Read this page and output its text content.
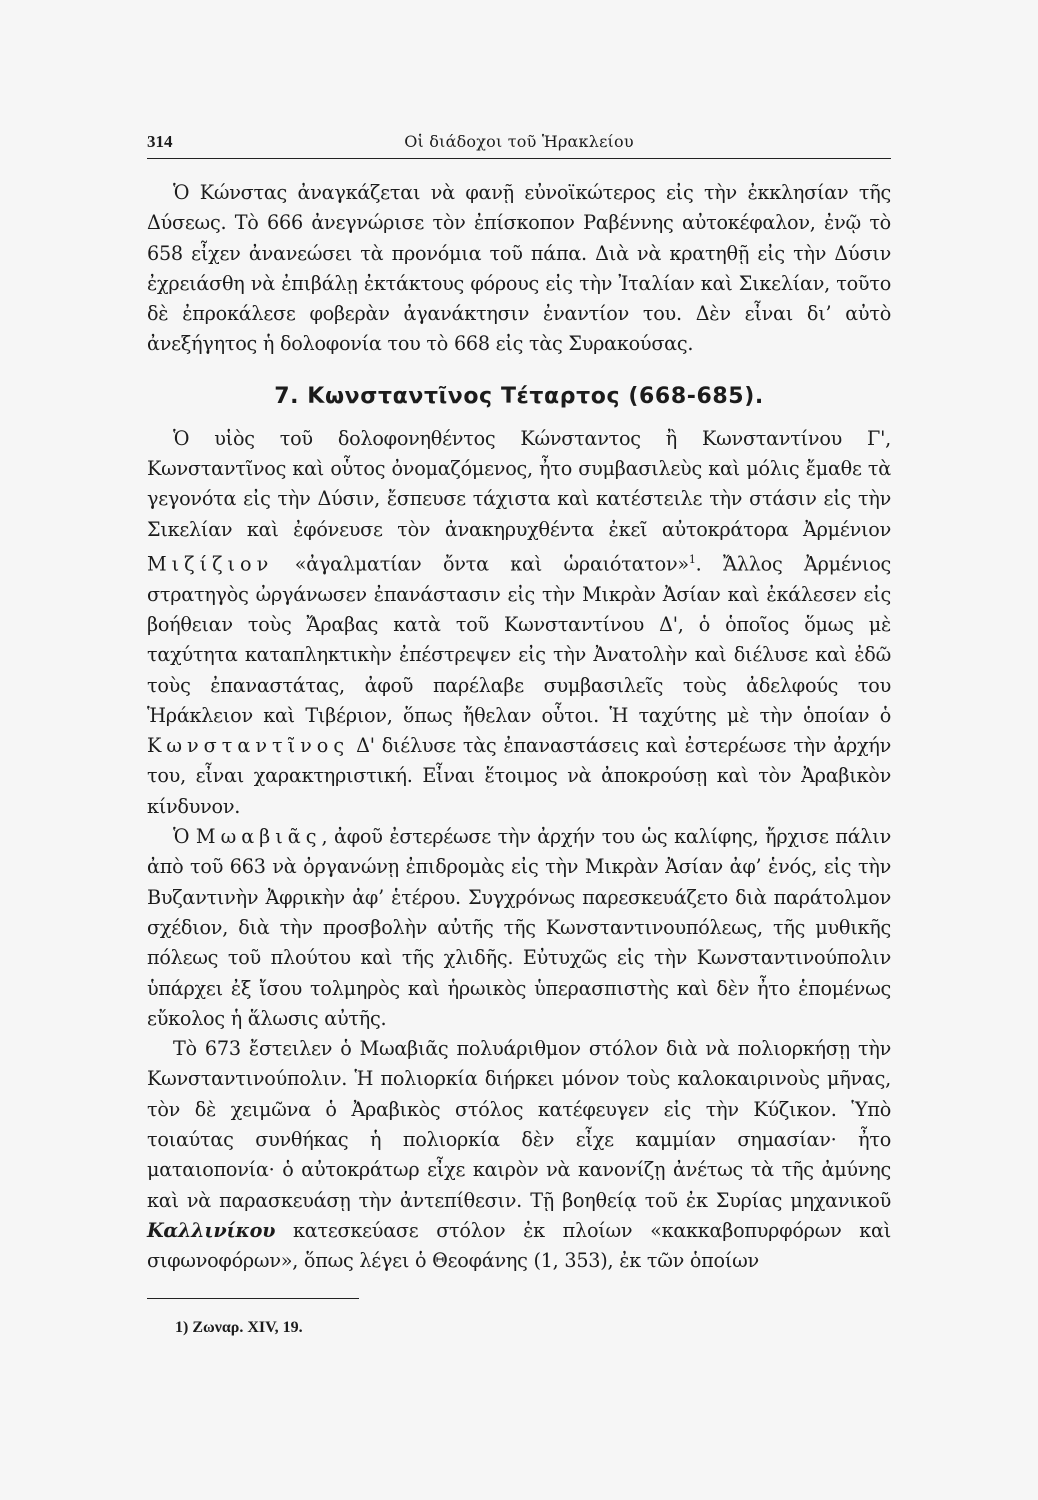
314	Οἱ διάδοχοι τοῦ Ἡρακλείου

Ὁ Κώνστας ἀναγκάζεται νὰ φανῇ εὐνοϊκώτερος εἰς τὴν ἐκκλησίαν τῆς Δύσεως. Τὸ 666 ἀνεγνώρισε τὸν ἐπίσκοπον Ραβέννης αὐτοκέφαλον, ἐνῷ τὸ 658 εἶχεν ἀνανεώσει τὰ προνόμια τοῦ πάπα. Διὰ νὰ κρατηθῇ εἰς τὴν Δύσιν ἐχρειάσθη νὰ ἐπιβάλῃ ἐκτάκτους φόρους εἰς τὴν Ἰταλίαν καὶ Σικελίαν, τοῦτο δὲ ἐπροκάλεσε φοβερὰν ἀγανάκτησιν ἐναντίον του. Δὲν εἶναι δι’ αὐτὸ ἀνεξήγητος ἡ δολοφονία του τὸ 668 εἰς τὰς Συρακούσας.

7. Κωνσταντῖνος Τέταρτος (668-685).

Ὁ υἱὸς τοῦ δολοφονηθέντος Κώνσταντος ἢ Κωνσταντίνου Γ', Κωνσταντῖνος καὶ οὗτος ὀνομαζόμενος, ἦτο συμβασιλεὺς καὶ μόλις ἔμαθε τὰ γεγονότα εἰς τὴν Δύσιν, ἔσπευσε τάχιστα καὶ κατέστειλε τὴν στάσιν εἰς τὴν Σικελίαν καὶ ἐφόνευσε τὸν ἀνακηρυχθέντα ἐκεῖ αὐτοκράτορα Ἀρμένιον Μιζίζιον «ἀγαλματίαν ὄντα καὶ ὡραιότατον»$^1$. Ἄλλος Ἀρμένιος στρατηγὸς ὠργάνωσεν ἐπανάστασιν εἰς τὴν Μικρὰν Ἀσίαν καὶ ἐκάλεσεν εἰς βοήθειαν τοὺς Ἄραβας κατὰ τοῦ Κωνσταντίνου Δ', ὁ ὁποῖος ὅμως μὲ ταχύτητα καταπληκτικὴν ἐπέστρεψεν εἰς τὴν Ἀνατολὴν καὶ διέλυσε καὶ ἐδῶ τοὺς ἐπαναστάτας, ἀφοῦ παρέλαβε συμβασιλεῖς τοὺς ἀδελφούς του Ἡράκλειον καὶ Τιβέριον, ὅπως ἤθελαν οὗτοι. Ἡ ταχύτης μὲ τὴν ὁποίαν ὁ Κωνσταντῖνος Δ' διέλυσε τὰς ἐπαναστάσεις καὶ ἐστερέωσε τὴν ἀρχήν του, εἶναι χαρακτηριστική. Εἶναι ἕτοιμος νὰ ἀποκρούσῃ καὶ τὸν Ἀραβικὸν κίνδυνον.

Ὁ Μωαβιᾶς, ἀφοῦ ἐστερέωσε τὴν ἀρχήν του ὡς καλίφης, ἤρχισε πάλιν ἀπὸ τοῦ 663 νὰ ὀργανώνῃ ἐπιδρομὰς εἰς τὴν Μικρὰν Ἀσίαν ἀφ’ ἑνός, εἰς τὴν Βυζαντινὴν Ἀφρικὴν ἀφ’ ἑτέρου. Συγχρόνως παρεσκευάζετο διὰ παράτολμον σχέδιον, διὰ τὴν προσβολὴν αὐτῆς τῆς Κωνσταντινουπόλεως, τῆς μυθικῆς πόλεως τοῦ πλούτου καὶ τῆς χλιδῆς. Εὐτυχῶς εἰς τὴν Κωνσταντινούπολιν ὑπάρχει ἐξ ἴσου τολμηρὸς καὶ ἡρωικὸς ὑπερασπιστὴς καὶ δὲν ἦτο ἑπομένως εὔκολος ἡ ἅλωσις αὐτῆς.

Τὸ 673 ἔστειλεν ὁ Μωαβιᾶς πολυάριθμον στόλον διὰ νὰ πολιορκήσῃ τὴν Κωνσταντινούπολιν. Ἡ πολιορκία διήρκει μόνον τοὺς καλοκαιρινοὺς μῆνας, τὸν δὲ χειμῶνα ὁ Ἀραβικὸς στόλος κατέφευγεν εἰς τὴν Κύζικον. Ὑπὸ τοιαύτας συνθήκας ἡ πολιορκία δὲν εἶχε καμμίαν σημασίαν· ἦτο ματαιοπονία· ὁ αὐτοκράτωρ εἶχε καιρὸν νὰ κανονίζῃ ἀνέτως τὰ τῆς ἀμύνης καὶ νὰ παρασκευάσῃ τὴν ἀντεπίθεσιν. Τῇ βοηθείᾳ τοῦ ἐκ Συρίας μηχανικοῦ Καλλινίκου κατεσκεύασε στόλον ἐκ πλοίων «κακκαβοπυρφόρων καὶ σιφωνοφόρων», ὅπως λέγει ὁ Θεοφάνης (1, 353), ἐκ τῶν ὁποίων

1) Ζωναρ. XIV, 19.
